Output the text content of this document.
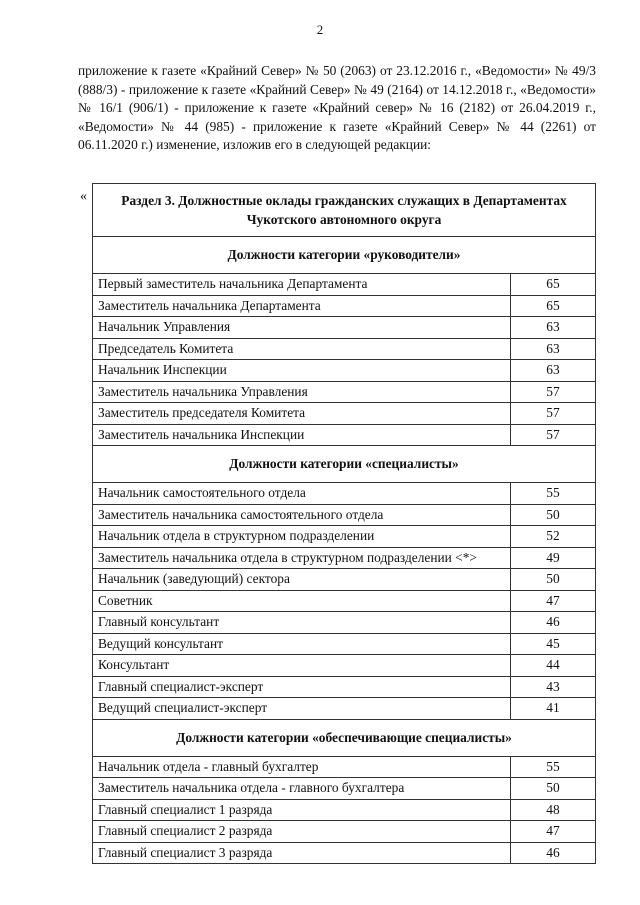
2

приложение к газете «Крайний Север» № 50 (2063) от 23.12.2016 г., «Ведомости» № 49/3 (888/3) - приложение к газете «Крайний Север» № 49 (2164) от 14.12.2018 г., «Ведомости» № 16/1 (906/1) - приложение к газете «Крайний север» № 16 (2182) от 26.04.2019 г., «Ведомости» № 44 (985) - приложение к газете «Крайний Север» № 44 (2261) от 06.11.2020 г.) изменение, изложив его в следующей редакции:

«	Раздел 3. Должностные оклады гражданских служащих в Департаментах Чукотского автономного округа	
Должности категории «руководители»	
Первый заместитель начальника Департамента	65
Заместитель начальника Департамента	65
Начальник Управления	63
Председатель Комитета	63
Начальник Инспекции	63
Заместитель начальника Управления	57
Заместитель председателя Комитета	57
Заместитель начальника Инспекции	57
Должности категории «специалисты»	
Начальник самостоятельного отдела	55
Заместитель начальника самостоятельного отдела	50
Начальник отдела в структурном подразделении	52
Заместитель начальника отдела в структурном подразделении <*>	49
Начальник (заведующий) сектора	50
Советник	47
Главный консультант	46
Ведущий консультант	45
Консультант	44
Главный специалист-эксперт	43
Ведущий специалист-эксперт	41
Должности категории «обеспечивающие специалисты»	
Начальник отдела - главный бухгалтер	55
Заместитель начальника отдела - главного бухгалтера	50
Главный специалист 1 разряда	48
Главный специалист 2 разряда	47
Главный специалист 3 разряда	46
